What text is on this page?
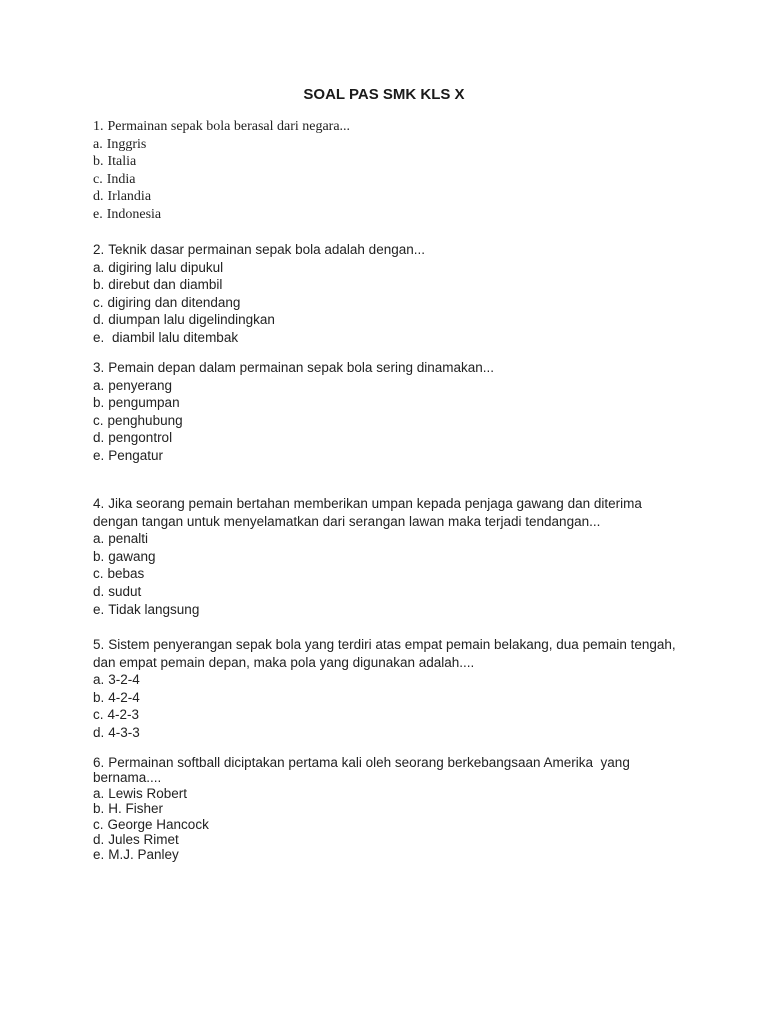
SOAL PAS SMK KLS X
1. Permainan sepak bola berasal dari negara...
a. Inggris
b. Italia
c. India
d. Irlandia
e. Indonesia
2. Teknik dasar permainan sepak bola adalah dengan...
a. digiring lalu dipukul
b. direbut dan diambil
c. digiring dan ditendang
d. diumpan lalu digelindingkan
e. diambil lalu ditembak
3. Pemain depan dalam permainan sepak bola sering dinamakan...
a. penyerang
b. pengumpan
c. penghubung
d. pengontrol
e. Pengatur
4. Jika seorang pemain bertahan memberikan umpan kepada penjaga gawang dan diterima dengan tangan untuk menyelamatkan dari serangan lawan maka terjadi tendangan...
a. penalti
b. gawang
c. bebas
d. sudut
e. Tidak langsung
5. Sistem penyerangan sepak bola yang terdiri atas empat pemain belakang, dua pemain tengah, dan empat pemain depan, maka pola yang digunakan adalah....
a. 3-2-4
b. 4-2-4
c. 4-2-3
d. 4-3-3
6. Permainan softball diciptakan pertama kali oleh seorang berkebangsaan Amerika  yang bernama....
a. Lewis Robert
b. H. Fisher
c. George Hancock
d. Jules Rimet
e. M.J. Panley
